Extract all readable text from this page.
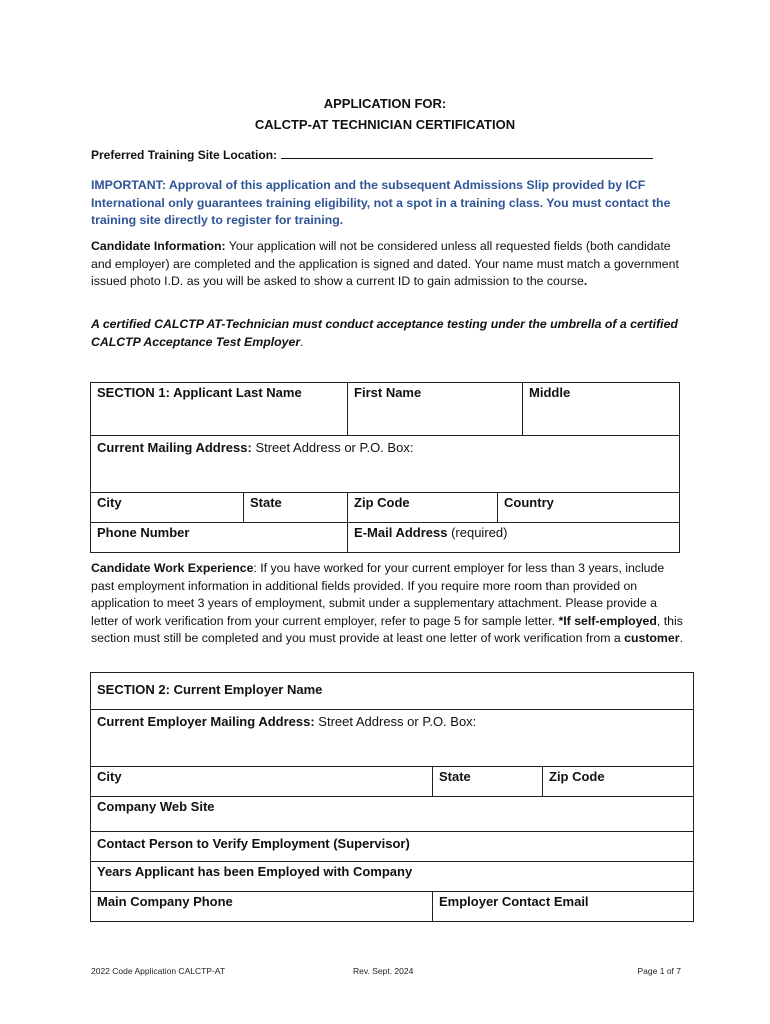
APPLICATION FOR:
CALCTP-AT TECHNICIAN CERTIFICATION
Preferred Training Site Location:
IMPORTANT: Approval of this application and the subsequent Admissions Slip provided by ICF International only guarantees training eligibility, not a spot in a training class. You must contact the training site directly to register for training.
Candidate Information: Your application will not be considered unless all requested fields (both candidate and employer) are completed and the application is signed and dated. Your name must match a government issued photo I.D. as you will be asked to show a current ID to gain admission to the course.
A certified CALCTP AT-Technician must conduct acceptance testing under the umbrella of a certified CALCTP Acceptance Test Employer.
SECTION 1: Applicant Last Name		First Name		Middle
Current Mailing Address: Street Address or P.O. Box:				
City	State	Zip Code	Country	
Phone Number		E-Mail Address (required)		
Candidate Work Experience: If you have worked for your current employer for less than 3 years, include past employment information in additional fields provided. If you require more room than provided on application to meet 3 years of employment, submit under a supplementary attachment. Please provide a letter of work verification from your current employer, refer to page 5 for sample letter. *If self-employed, this section must still be completed and you must provide at least one letter of work verification from a customer.
SECTION 2: Current Employer Name		
Current Employer Mailing Address: Street Address or P.O. Box:		
City	State	Zip Code
Company Web Site		
Contact Person to Verify Employment (Supervisor)		
Years Applicant has been Employed with Company		
Main Company Phone	Employer Contact Email	
2022 Code Application CALCTP-AT	Rev. Sept. 2024	Page 1 of 7
